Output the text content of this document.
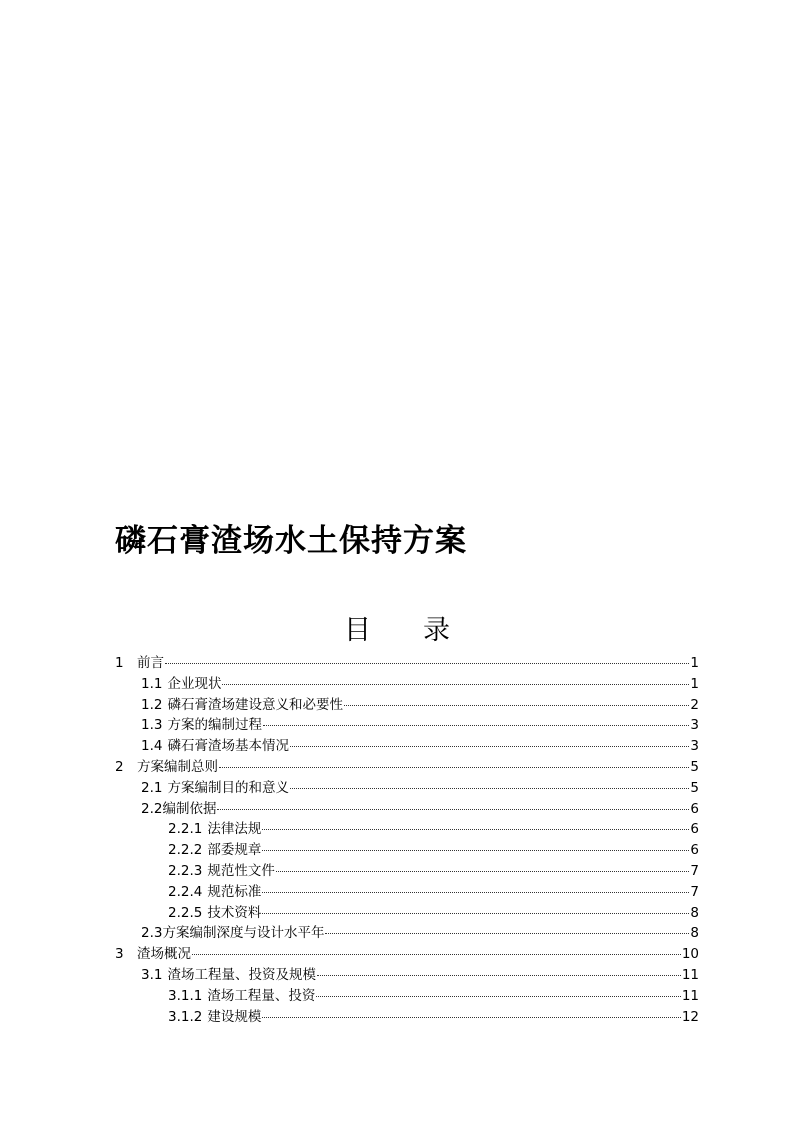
磷石膏渣场水土保持方案
目 录
1 前言	1
1.1 企业现状	1
1.2 磷石膏渣场建设意义和必要性	2
1.3 方案的编制过程	3
1.4 磷石膏渣场基本情况	3
2 方案编制总则	5
2.1 方案编制目的和意义	5
2.2 编制依据	6
2.2.1 法律法规	6
2.2.2 部委规章	6
2.2.3 规范性文件	7
2.2.4 规范标准	7
2.2.5 技术资料	8
2.3 方案编制深度与设计水平年	8
3 渣场概况	10
3.1 渣场工程量、投资及规模	11
3.1.1 渣场工程量、投资	11
3.1.2 建设规模	12
